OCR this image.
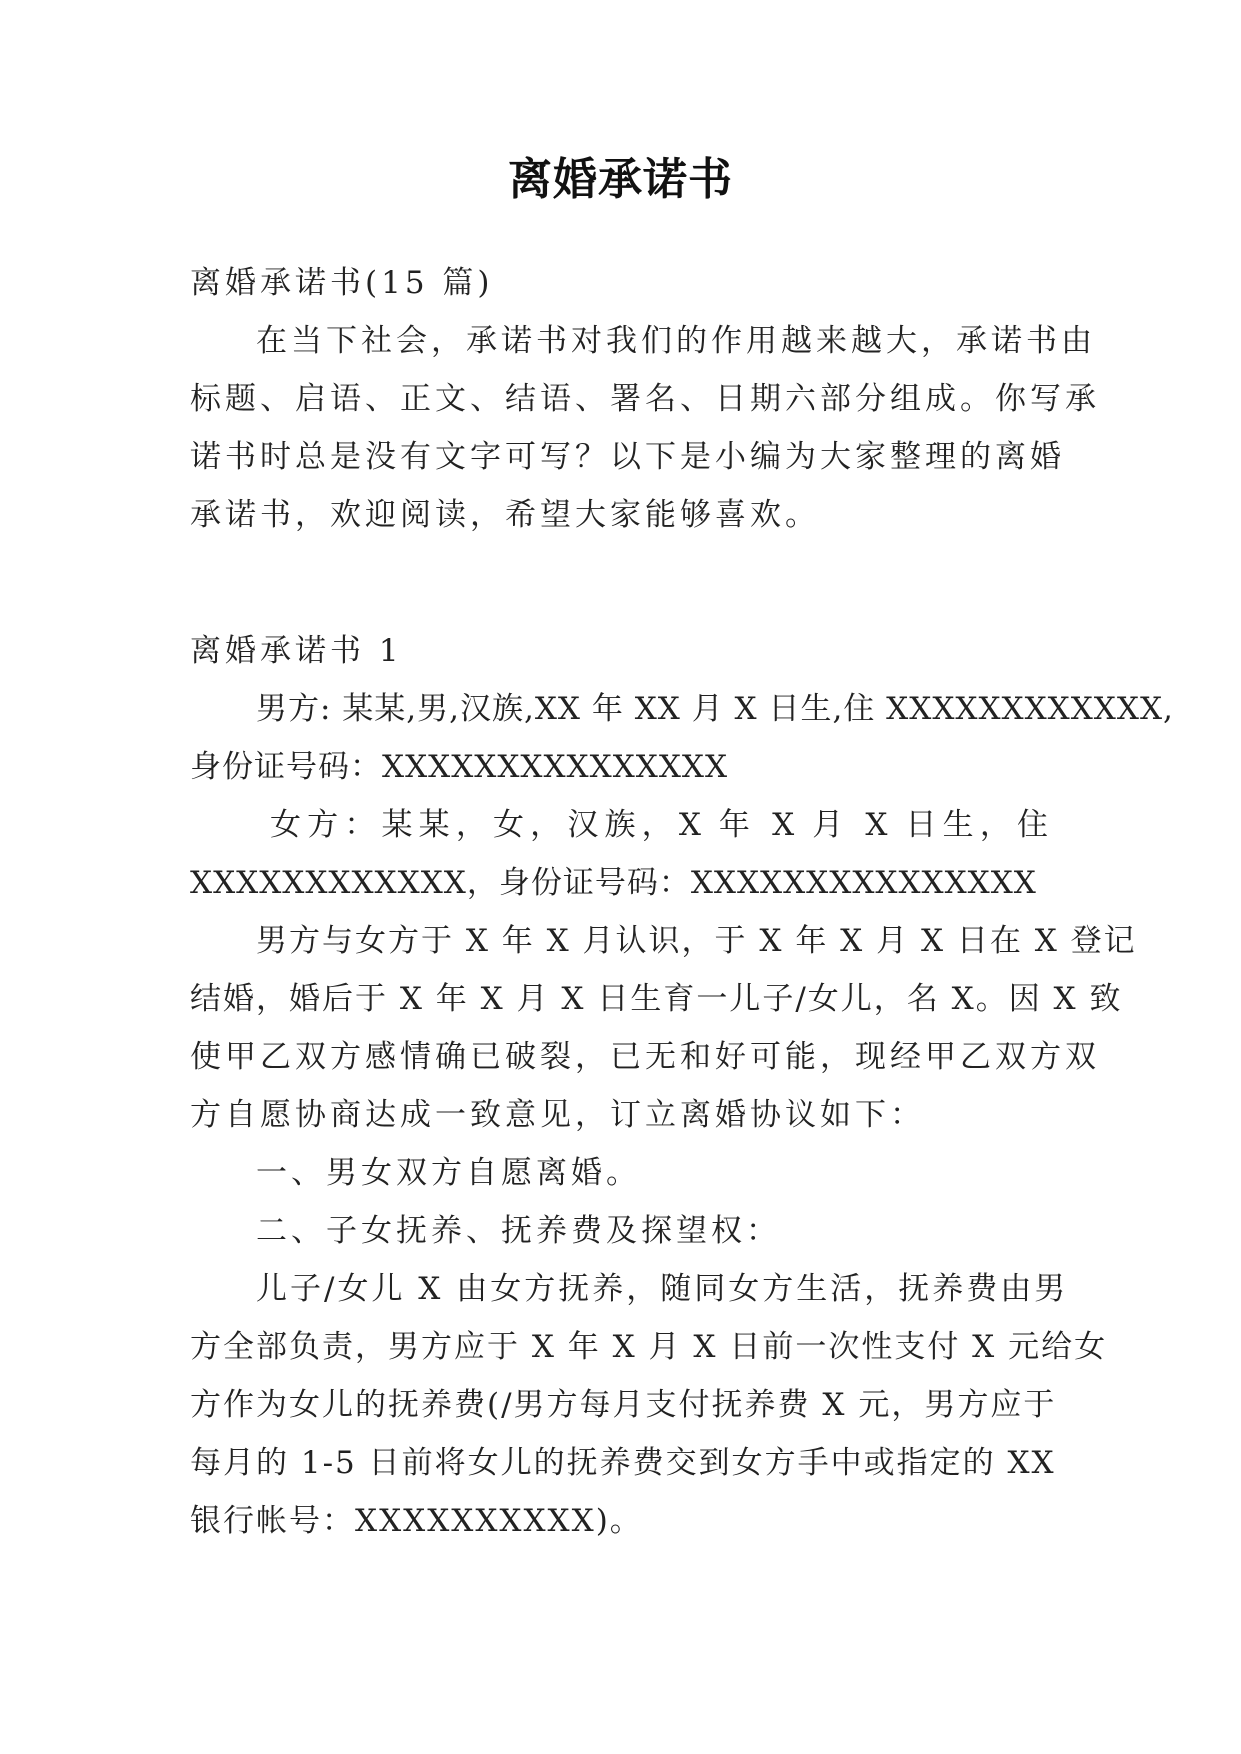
离婚承诺书
离婚承诺书(15 篇)
在当下社会，承诺书对我们的作用越来越大，承诺书由
标题、启语、正文、结语、署名、日期六部分组成。你写承
诺书时总是没有文字可写？以下是小编为大家整理的离婚
承诺书，欢迎阅读，希望大家能够喜欢。
离婚承诺书 1
男方: 某某,男,汉族,XX 年 XX 月 X 日生,住 XXXXXXXXXXXX,
身份证号码：XXXXXXXXXXXXXXX
女方：某某，女，汉族，X 年 X 月 X 日生，住
XXXXXXXXXXXX，身份证号码：XXXXXXXXXXXXXXX
男方与女方于 X 年 X 月认识，于 X 年 X 月 X 日在 X 登记
结婚，婚后于 X 年 X 月 X 日生育一儿子/女儿，名 X。因 X 致
使甲乙双方感情确已破裂，已无和好可能，现经甲乙双方双
方自愿协商达成一致意见，订立离婚协议如下：
一、男女双方自愿离婚。
二、子女抚养、抚养费及探望权：
儿子/女儿 X 由女方抚养，随同女方生活，抚养费由男
方全部负责，男方应于 X 年 X 月 X 日前一次性支付 X 元给女
方作为女儿的抚养费(/男方每月支付抚养费 X 元，男方应于
每月的 1-5 日前将女儿的抚养费交到女方手中或指定的 XX
银行帐号：XXXXXXXXXX)。
